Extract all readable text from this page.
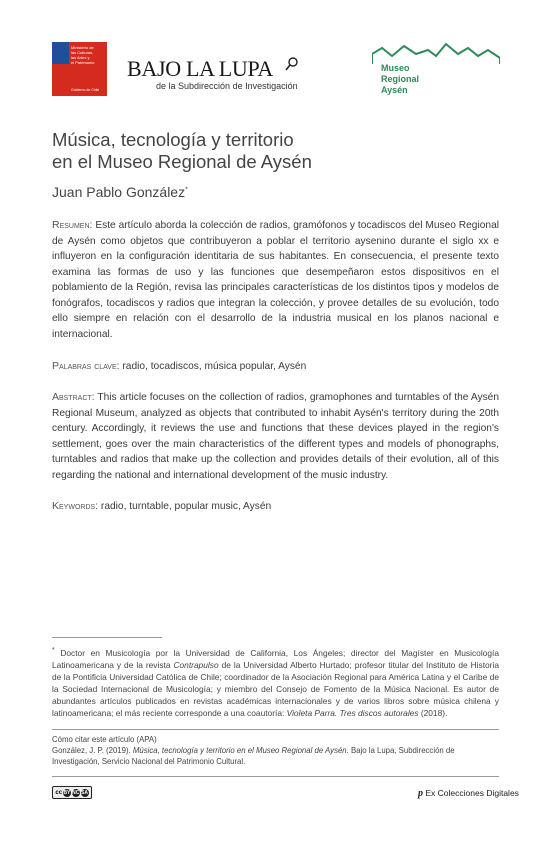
Ministerio de
las Culturas,
las Artes y
el Patrimonio
Gobierno de Chile
BAJO LA LUPA
de la Subdirección de Investigación
Museo
Regional
Aysén
Música, tecnología y territorio
en el Museo Regional de Aysén
Juan Pablo González*
Resumen: Este artículo aborda la colección de radios, gramófonos y tocadiscos del Museo Regional de Aysén como objetos que contribuyeron a poblar el territorio aysenino durante el siglo xx e influyeron en la configuración identitaria de sus habitantes. En consecuencia, el presente texto examina las formas de uso y las funciones que desempeñaron estos dispositivos en el poblamiento de la Región, revisa las principales características de los distintos tipos y modelos de fonógrafos, tocadiscos y radios que integran la colección, y provee detalles de su evolución, todo ello siempre en relación con el desarrollo de la industria musical en los planos nacional e internacional.
Palabras clave: radio, tocadiscos, música popular, Aysén
Abstract: This article focuses on the collection of radios, gramophones and turntables of the Aysén Regional Museum, analyzed as objects that contributed to inhabit Aysén's territory during the 20th century. Accordingly, it reviews the use and functions that these devices played in the region's settlement, goes over the main characteristics of the different types and models of phonographs, turntables and radios that make up the collection and provides details of their evolution, all of this regarding the national and international development of the music industry.
Keywords: radio, turntable, popular music, Aysén
* Doctor en Musicología por la Universidad de California, Los Ángeles; director del Magíster en Musicología Latinoamericana y de la revista Contrapulso de la Universidad Alberto Hurtado; profesor titular del Instituto de Historia de la Pontificia Universidad Católica de Chile; coordinador de la Asociación Regional para América Latina y el Caribe de la Sociedad Internacional de Musicología; y miembro del Consejo de Fomento de la Música Nacional. Es autor de abundantes artículos publicados en revistas académicas internacionales y de varios libros sobre música chilena y latinoamericana; el más reciente corresponde a una coautoría: Violeta Parra. Tres discos autorales (2018).
Cómo citar este artículo (APA)
González, J. P. (2019). Música, tecnología y territorio en el Museo Regional de Aysén. Bajo la Lupa, Subdirección de Investigación, Servicio Nacional del Patrimonio Cultural.
cc BY NC SA	p Ex Colecciones Digitales
